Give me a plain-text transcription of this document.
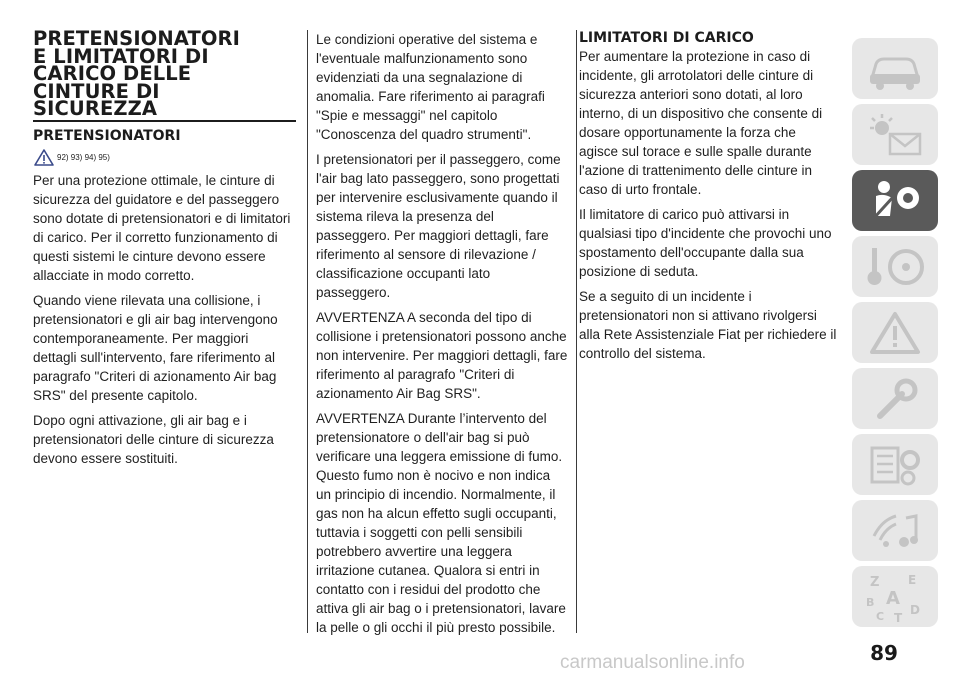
PRETENSIONATORI
E LIMITATORI DI
CARICO DELLE
CINTURE DI
SICUREZZA
PRETENSIONATORI
92) 93) 94) 95)

Per una protezione ottimale, le cinture di sicurezza del guidatore e del passeggero sono dotate di pretensionatori e di limitatori di carico. Per il corretto funzionamento di questi sistemi le cinture devono essere allacciate in modo corretto.

Quando viene rilevata una collisione, i pretensionatori e gli air bag intervengono contemporaneamente. Per maggiori dettagli sull'intervento, fare riferimento al paragrafo "Criteri di azionamento Air bag SRS" del presente capitolo.

Dopo ogni attivazione, gli air bag e i pretensionatori delle cinture di sicurezza devono essere sostituiti.

Le condizioni operative del sistema e l'eventuale malfunzionamento sono evidenziati da una segnalazione di anomalia. Fare riferimento ai paragrafi "Spie e messaggi" nel capitolo "Conoscenza del quadro strumenti".

I pretensionatori per il passeggero, come l'air bag lato passeggero, sono progettati per intervenire esclusivamente quando il sistema rileva la presenza del passeggero. Per maggiori dettagli, fare riferimento al sensore di rilevazione / classificazione occupanti lato passeggero.

AVVERTENZA A seconda del tipo di collisione i pretensionatori possono anche non intervenire. Per maggiori dettagli, fare riferimento al paragrafo "Criteri di azionamento Air Bag SRS".

AVVERTENZA Durante l’intervento del pretensionatore o dell'air bag si può verificare una leggera emissione di fumo. Questo fumo non è nocivo e non indica un principio di incendio. Normalmente, il gas non ha alcun effetto sugli occupanti, tuttavia i soggetti con pelli sensibili potrebbero avvertire una leggera irritazione cutanea. Qualora si entri in contatto con i residui del prodotto che attiva gli air bag o i pretensionatori, lavare la pelle o gli occhi il più presto possibile.

LIMITATORI DI CARICO

Per aumentare la protezione in caso di incidente, gli arrotolatori delle cinture di sicurezza anteriori sono dotati, al loro interno, di un dispositivo che consente di dosare opportunamente la forza che agisce sul torace e sulle spalle durante l'azione di trattenimento delle cinture in caso di urto frontale.

Il limitatore di carico può attivarsi in qualsiasi tipo d'incidente che provochi uno spostamento dell'occupante dalla sua posizione di seduta.

Se a seguito di un incidente i pretensionatori non si attivano rivolgersi alla Rete Assistenziale Fiat per richiedere il controllo del sistema.

Z E
B A
D
C T
89
carmanualsonline.info
